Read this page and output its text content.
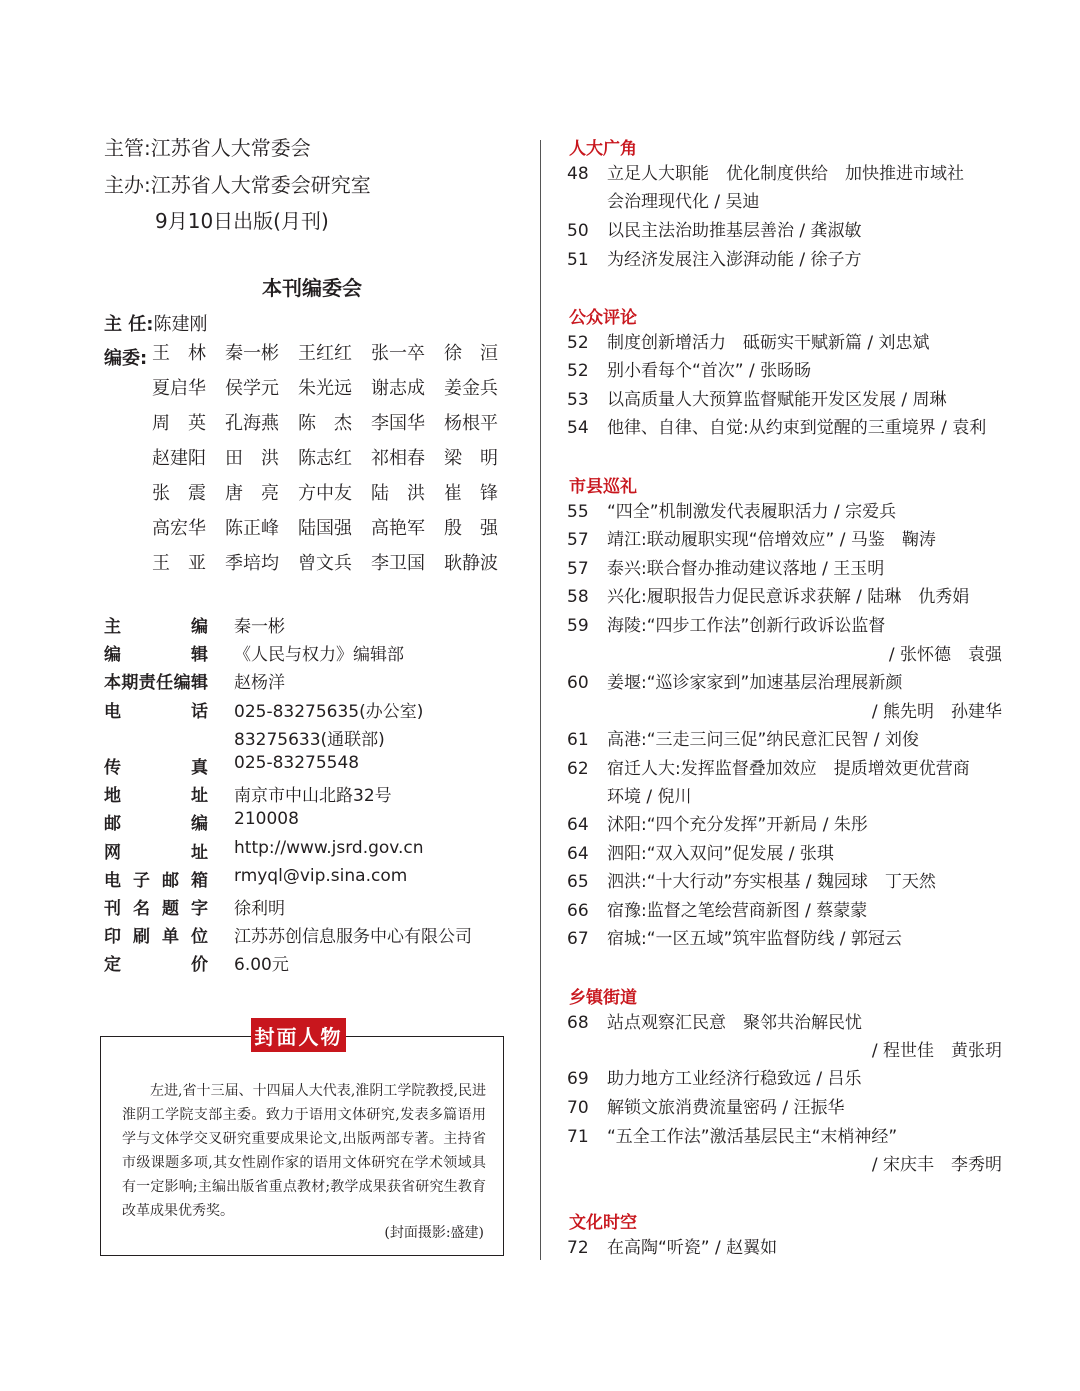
主管:江苏省人大常委会
主办:江苏省人大常委会研究室
9月10日出版(月刊)
本刊编委会
主 任:陈建刚
编委: 王　林	秦一彬	王红红	张一卒	徐　洹
夏启华	侯学元	朱光远	谢志成	姜金兵
周　英	孔海燕	陈　杰	李国华	杨根平
赵建阳	田　洪	陈志红	祁相春	梁　明
张　震	唐　亮	方中友	陆　洪	崔　锋
高宏华	陈正峰	陆国强	高艳军	殷　强
王　亚	季培均	曾文兵	李卫国	耿静波
主	编 秦一彬
编	辑 《人民与权力》编辑部
本 期 责 任 编 辑 赵杨洋
电	话 025-83275635(办公室)
83275633(通联部)
传	真 025-83275548
地	址 南京市中山北路32号
邮	编 210008
网	址 http://www.jsrd.gov.cn
电 子 邮 箱 rmyql@vip.sina.com
刊 名 题 字 徐利明
印 刷 单 位 江苏苏创信息服务中心有限公司
定	价 6.00元
封面人物

左进,省十三届、十四届人大代表,淮阴工学院教授,民进淮阴工学院支部主委。致力于语用文体研究,发表多篇语用学与文体学交叉研究重要成果论文,出版两部专著。主持省市级课题多项,其女性剧作家的语用文体研究在学术领域具有一定影响;主编出版省重点教材;教学成果获省研究生教育改革成果优秀奖。

(封面摄影:盛建)
人大广角
48 立足人大职能　优化制度供给　加快推进市域社
会治理现代化 / 吴迪
50 以民主法治助推基层善治 / 龚淑敏
51 为经济发展注入澎湃动能 / 徐子方
公众评论
52 制度创新增活力　砥砺实干赋新篇 / 刘忠斌
52 别小看每个“首次” / 张旸旸
53 以高质量人大预算监督赋能开发区发展 / 周琳
54 他律、自律、自觉:从约束到觉醒的三重境界 / 袁利
市县巡礼
55 “四全”机制激发代表履职活力 / 宗爱兵
57 靖江:联动履职实现“倍增效应” / 马鉴　鞠涛
57 泰兴:联合督办推动建议落地 / 王玉明
58 兴化:履职报告力促民意诉求获解 / 陆琳　仇秀娟
59 海陵:“四步工作法”创新行政诉讼监督
/ 张怀德　袁强
60 姜堰:“巡诊家家到”加速基层治理展新颜
/ 熊先明　孙建华
61 高港:“三走三问三促”纳民意汇民智 / 刘俊
62 宿迁人大:发挥监督叠加效应　提质增效更优营商
环境 / 倪川
64 沭阳:“四个充分发挥”开新局 / 朱彤
64 泗阳:“双入双问”促发展 / 张琪
65 泗洪:“十大行动”夯实根基 / 魏园球　丁天然
66 宿豫:监督之笔绘营商新图 / 蔡蒙蒙
67 宿城:“一区五域”筑牢监督防线 / 郭冠云
乡镇街道
68 站点观察汇民意　聚邻共治解民忧
/ 程世佳　黄张玥
69 助力地方工业经济行稳致远 / 吕乐
70 解锁文旅消费流量密码 / 汪振华
71 “五全工作法”激活基层民主“末梢神经”
/ 宋庆丰　李秀明
文化时空
72 在高陶“听瓷” / 赵翼如
